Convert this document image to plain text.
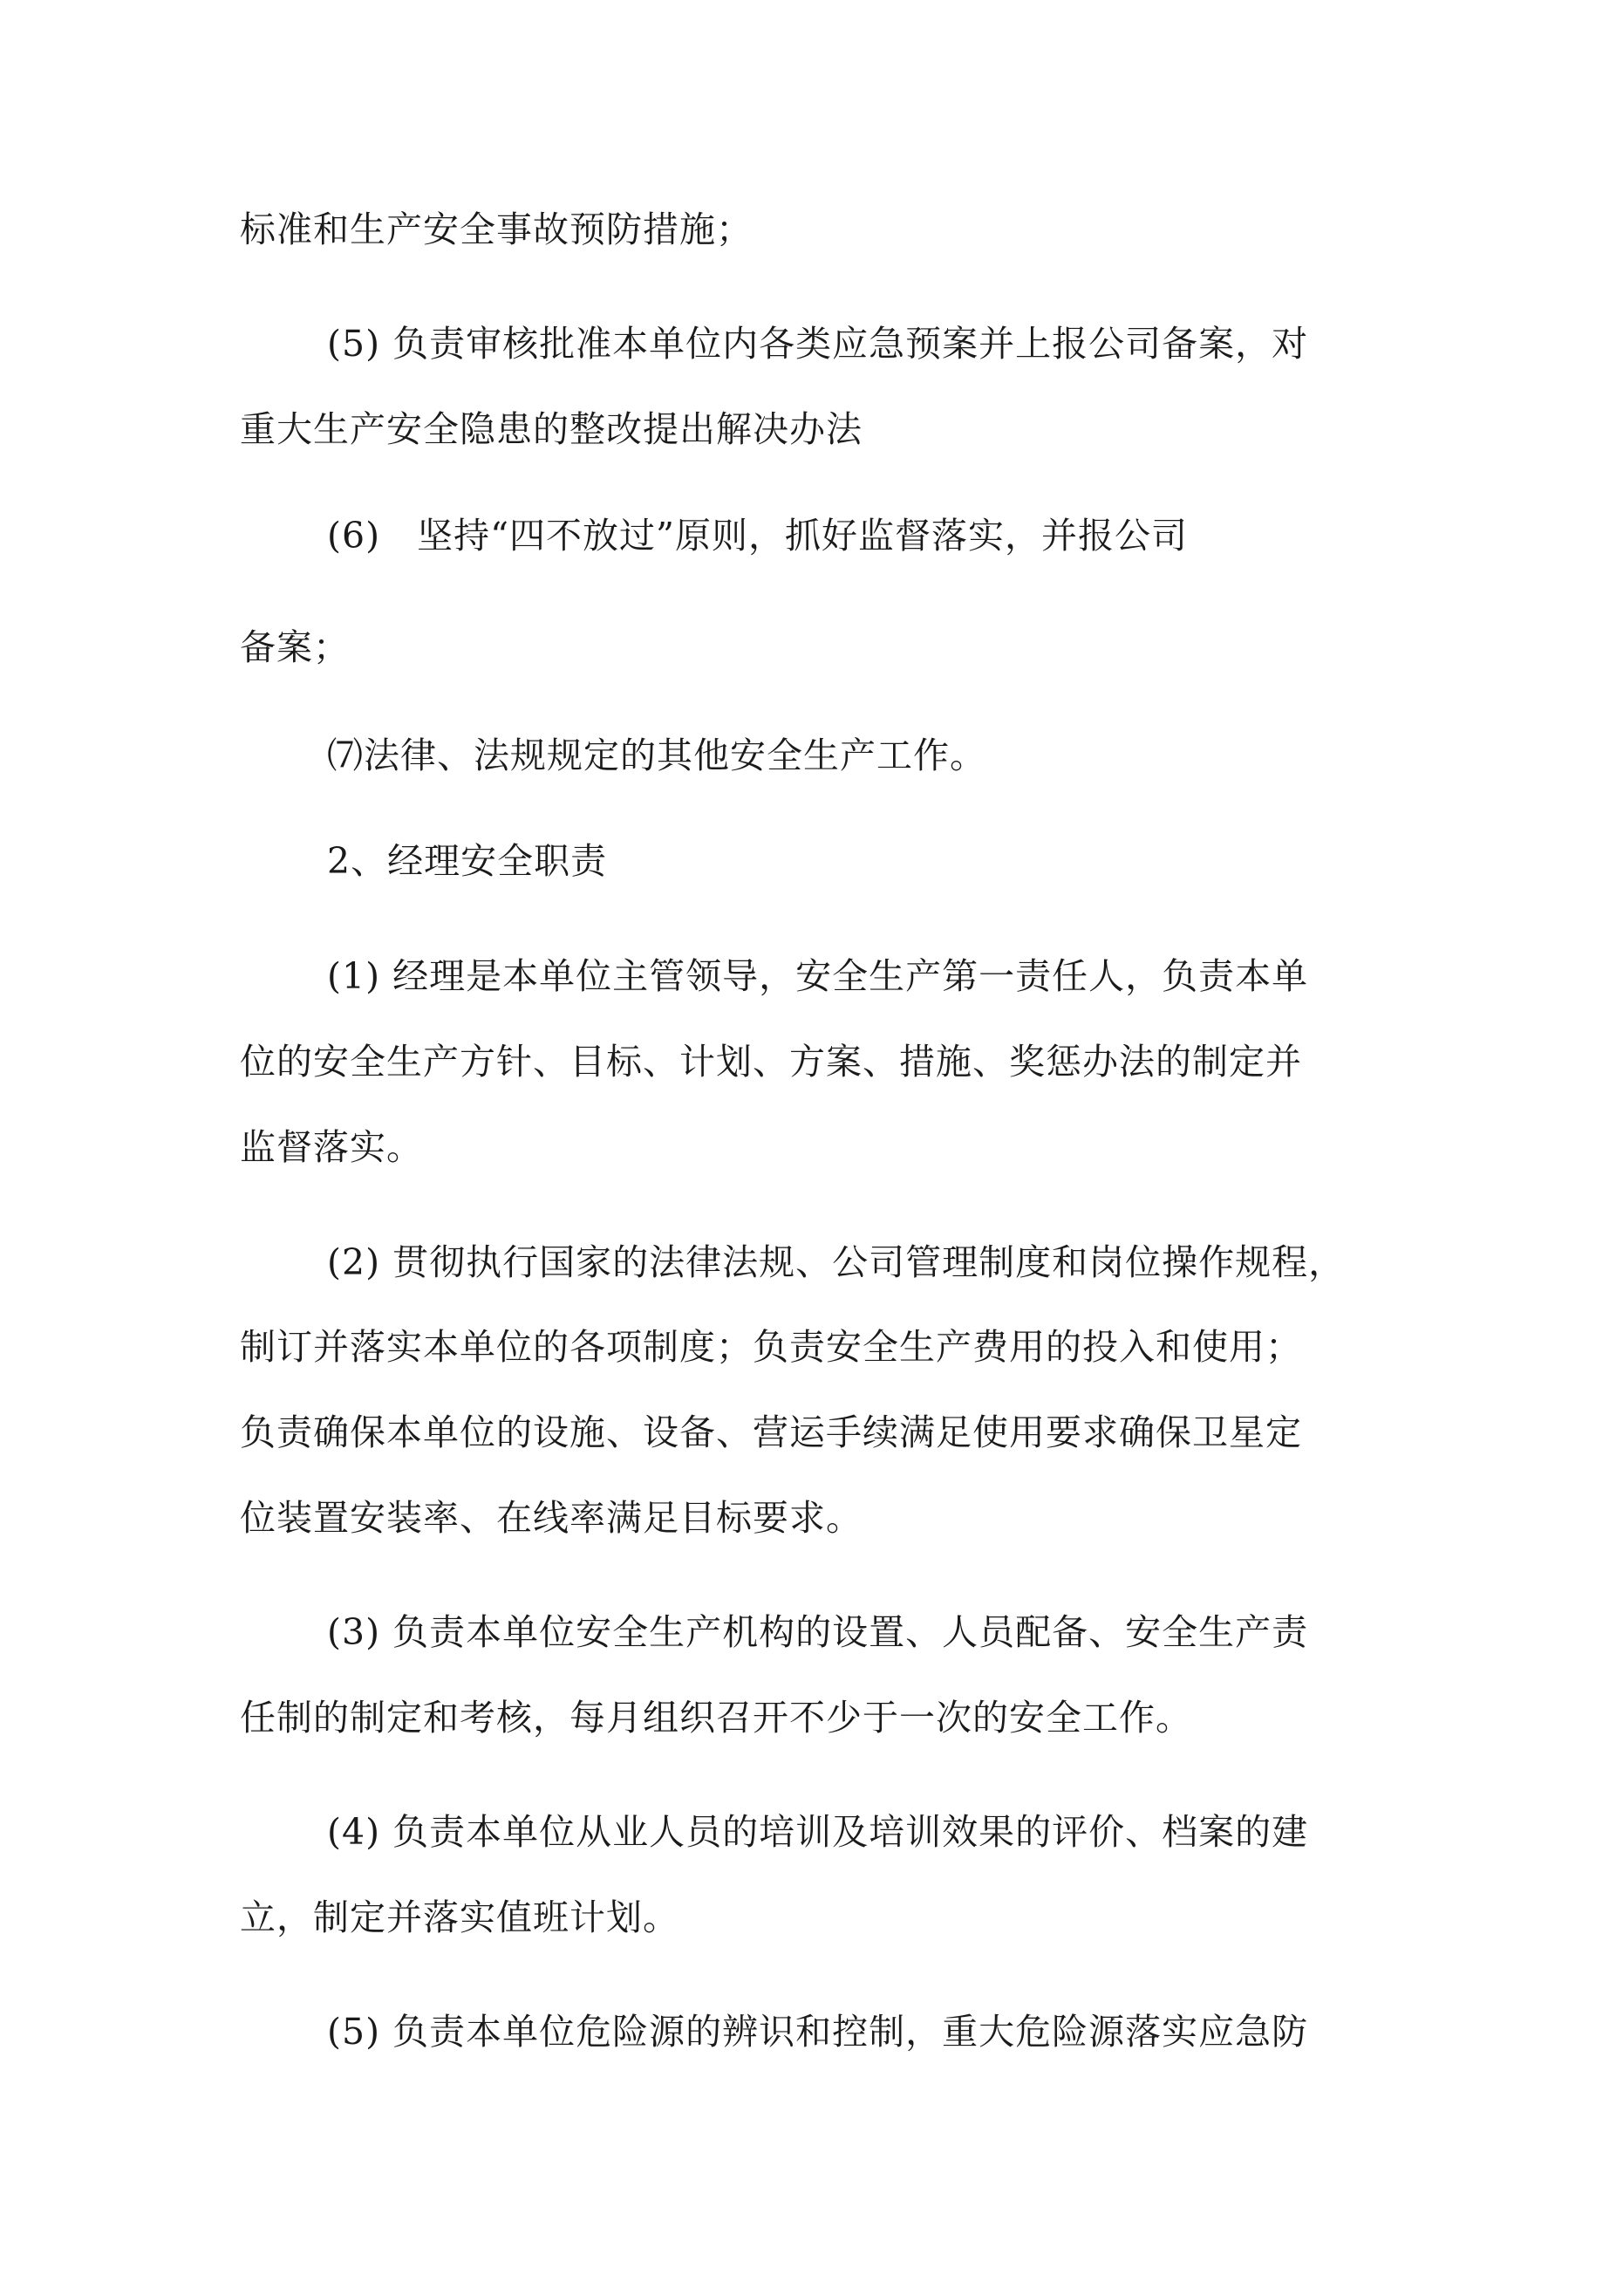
标准和生产安全事故预防措施；

(5) 负责审核批准本单位内各类应急预案并上报公司备案，对

重大生产安全隐患的整改提出解决办法

(6)　坚持“四不放过”原则，抓好监督落实，并报公司

备案；

⑺法律、法规规定的其他安全生产工作。

2、经理安全职责

(1) 经理是本单位主管领导，安全生产第一责任人，负责本单

位的安全生产方针、目标、计划、方案、措施、奖惩办法的制定并

监督落实。

(2) 贯彻执行国家的法律法规、公司管理制度和岗位操作规程，

制订并落实本单位的各项制度；负责安全生产费用的投入和使用；

负责确保本单位的设施、设备、营运手续满足使用要求确保卫星定

位装置安装率、在线率满足目标要求。

(3) 负责本单位安全生产机构的设置、人员配备、安全生产责

任制的制定和考核，每月组织召开不少于一次的安全工作。

(4) 负责本单位从业人员的培训及培训效果的评价、档案的建

立，制定并落实值班计划。

(5) 负责本单位危险源的辨识和控制，重大危险源落实应急防
